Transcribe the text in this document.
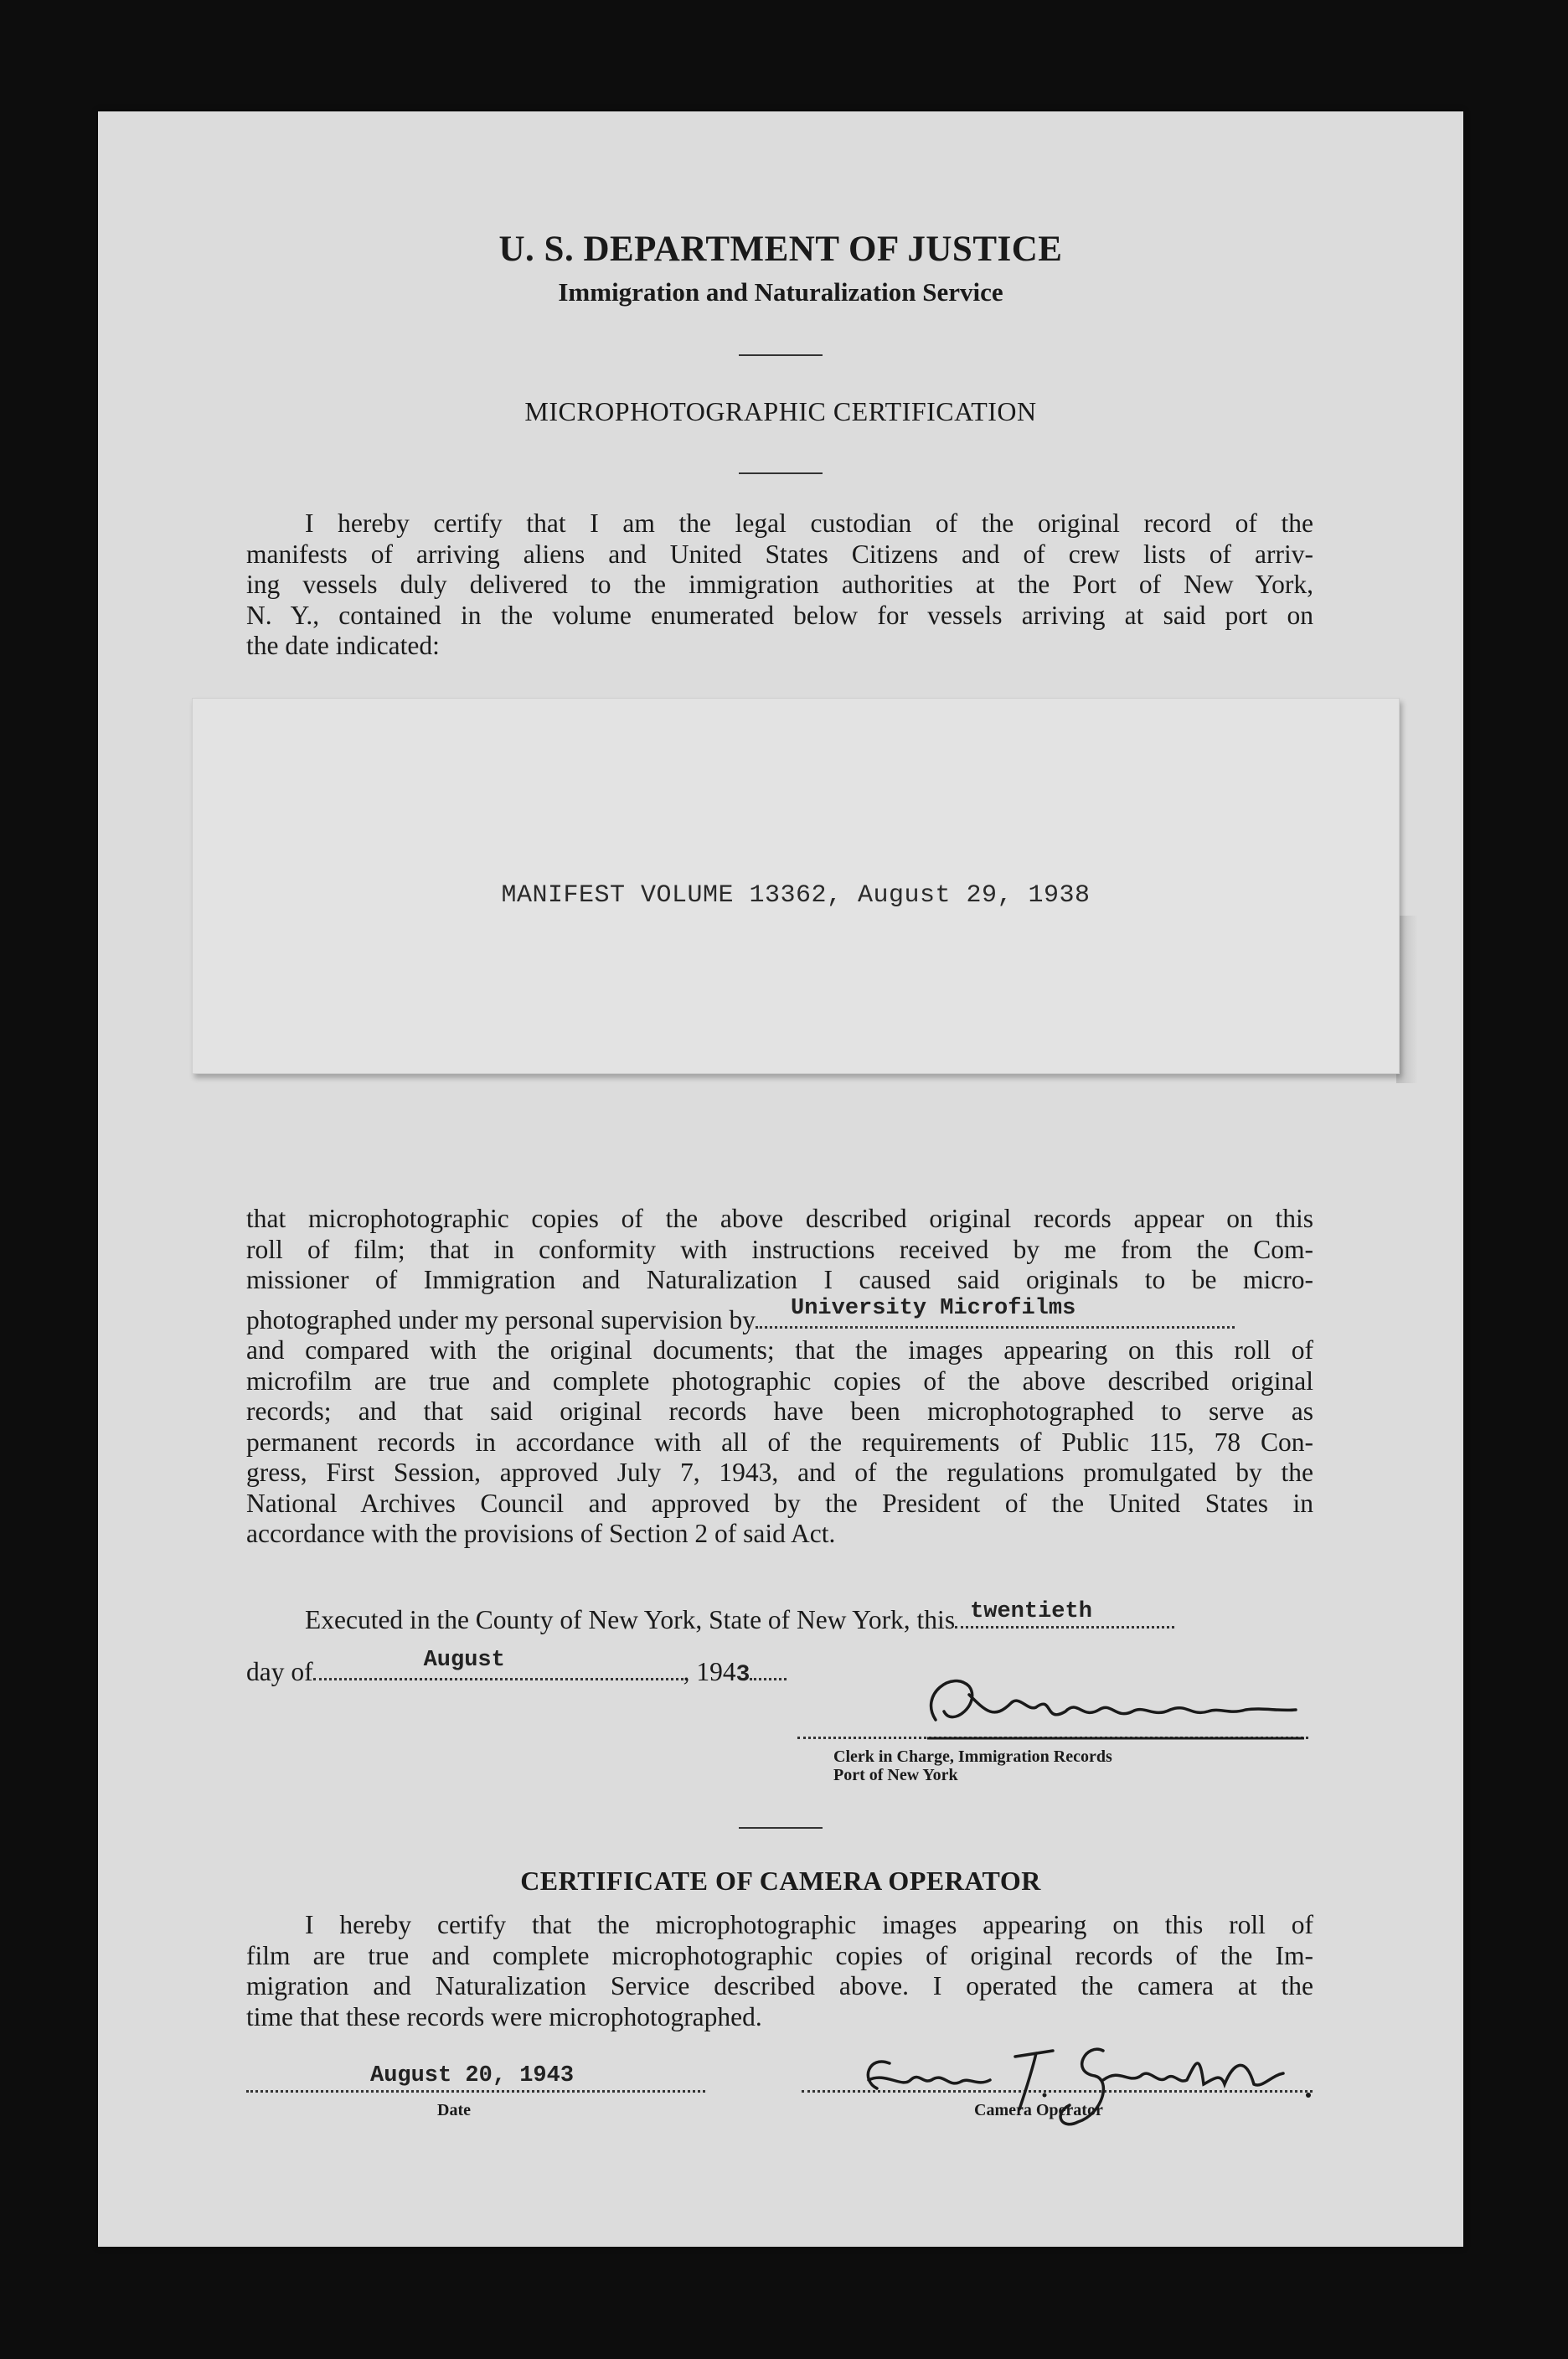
U. S. DEPARTMENT OF JUSTICE
Immigration and Naturalization Service
MICROPHOTOGRAPHIC CERTIFICATION
I hereby certify that I am the legal custodian of the original record of the
manifests of arriving aliens and United States Citizens and of crew lists of arriv-
ing vessels duly delivered to the immigration authorities at the Port of New York,
N. Y., contained in the volume enumerated below for vessels arriving at said port on
the date indicated:
MANIFEST VOLUME 13362, August 29, 1938
that microphotographic copies of the above described original records appear on this
roll of film; that in conformity with instructions received by me from the Com-
missioner of Immigration and Naturalization I caused said originals to be micro-
photographed under my personal supervision by University Microfilms
and compared with the original documents; that the images appearing on this roll of
microfilm are true and complete photographic copies of the above described original
records; and that said original records have been microphotographed to serve as
permanent records in accordance with all of the requirements of Public 115, 78 Con-
gress, First Session, approved July 7, 1943, and of the regulations promulgated by the
National Archives Council and approved by the President of the United States in
accordance with the provisions of Section 2 of said Act.
Executed in the County of New York, State of New York, this twentieth
day of	August	, 1943
Clerk in Charge, Immigration Records
Port of New York
CERTIFICATE OF CAMERA OPERATOR
I hereby certify that the microphotographic images appearing on this roll of
film are true and complete microphotographic copies of original records of the Im-
migration and Naturalization Service described above. I operated the camera at the
time that these records were microphotographed.
August 20, 1943
Date	Camera Operator
